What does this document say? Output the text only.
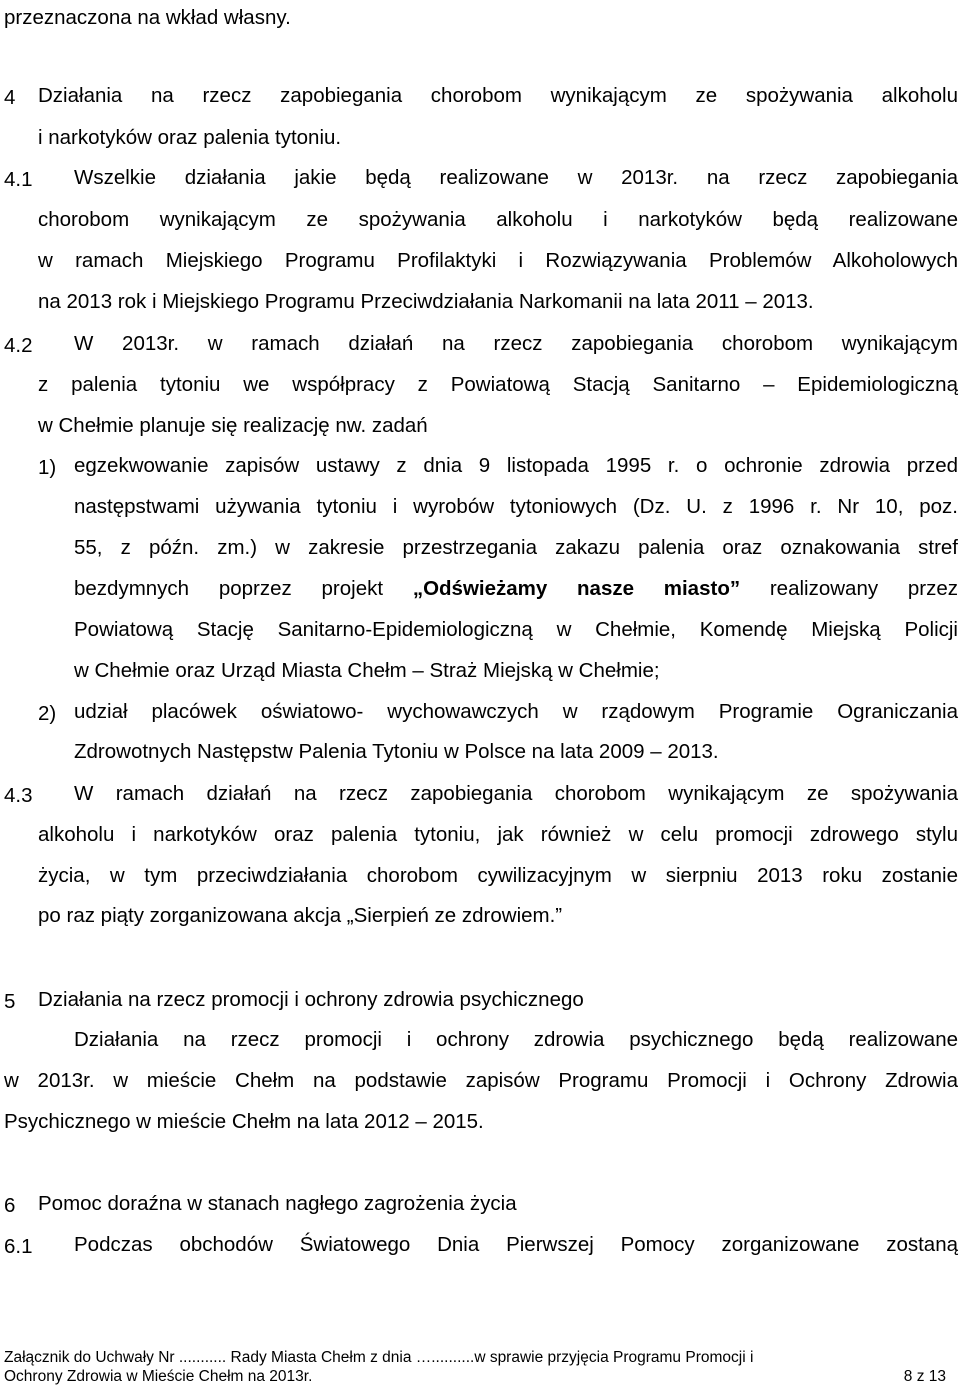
przeznaczona na wkład własny.
4 Działania na rzecz zapobiegania chorobom wynikającym ze spożywania alkoholu
i narkotyków oraz palenia tytoniu.
4.1 Wszelkie działania jakie będą realizowane w 2013r. na rzecz zapobiegania
chorobom wynikającym ze spożywania alkoholu i narkotyków będą realizowane
w ramach Miejskiego Programu Profilaktyki i Rozwiązywania Problemów Alkoholowych
na 2013 rok i Miejskiego Programu Przeciwdziałania Narkomanii na lata 2011 – 2013.
4.2 W 2013r. w ramach działań na rzecz zapobiegania chorobom wynikającym
z palenia tytoniu we współpracy z Powiatową Stacją Sanitarno – Epidemiologiczną
w Chełmie planuje się realizację nw. zadań
1) egzekwowanie zapisów ustawy z dnia 9 listopada 1995 r. o ochronie zdrowia przed
następstwami używania tytoniu i wyrobów tytoniowych (Dz. U. z 1996 r. Nr 10, poz.
55, z późn. zm.) w zakresie przestrzegania zakazu palenia oraz oznakowania stref
bezdymnych poprzez projekt „Odświeżamy nasze miasto” realizowany przez
Powiatową Stację Sanitarno-Epidemiologiczną w Chełmie, Komendę Miejską Policji
w Chełmie oraz Urząd Miasta Chełm – Straż Miejską w Chełmie;
2) udział placówek oświatowo- wychowawczych w rządowym Programie Ograniczania
Zdrowotnych Następstw Palenia Tytoniu w Polsce na lata 2009 – 2013.
4.3 W ramach działań na rzecz zapobiegania chorobom wynikającym ze spożywania
alkoholu i narkotyków oraz palenia tytoniu, jak również w celu promocji zdrowego stylu
życia, w tym przeciwdziałania chorobom cywilizacyjnym w sierpniu 2013 roku zostanie
po raz piąty zorganizowana akcja „Sierpień ze zdrowiem.”
5 Działania na rzecz promocji i ochrony zdrowia psychicznego
Działania na rzecz promocji i ochrony zdrowia psychicznego będą realizowane
w 2013r. w mieście Chełm na podstawie zapisów Programu Promocji i Ochrony Zdrowia
Psychicznego w mieście Chełm na lata 2012 – 2015.
6 Pomoc doraźna w stanach nagłego zagrożenia życia
6.1 Podczas obchodów Światowego Dnia Pierwszej Pomocy zorganizowane zostaną
Załącznik do Uchwały Nr ........... Rady Miasta Chełm z dnia …..........w sprawie przyjęcia Programu Promocji i
Ochrony Zdrowia w Mieście Chełm na 2013r.	8 z 13
